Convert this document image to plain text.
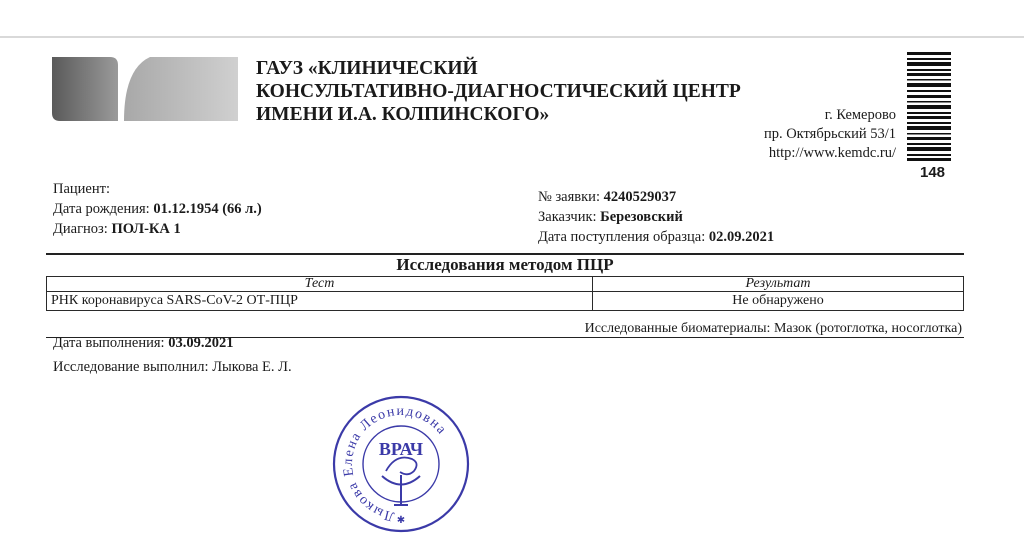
ГАУЗ «КЛИНИЧЕСКИЙ
КОНСУЛЬТАТИВНО-ДИАГНОСТИЧЕСКИЙ ЦЕНТР
ИМЕНИ И.А. КОЛПИНСКОГО»	г. Кемерово
пр. Октябрьский 53/1
http://www.kemdc.ru/
148
Пациент:
Дата рождения: 01.12.1954 (66 л.)
Диагноз: ПОЛ-КА 1
№ заявки: 4240529037
Заказчик: Березовский
Дата поступления образца: 02.09.2021
Исследования методом ПЦР
Тест	Результат
РНК коронавируса SARS-CoV-2 ОТ-ПЦР	Не обнаружено
Исследованные биоматериалы: Мазок (ротоглотка, носоглотка)
Дата выполнения: 03.09.2021
Исследование выполнил: Лыкова Е. Л.
Лыкова Елена Леонидовна
ВРАЧ
✱
